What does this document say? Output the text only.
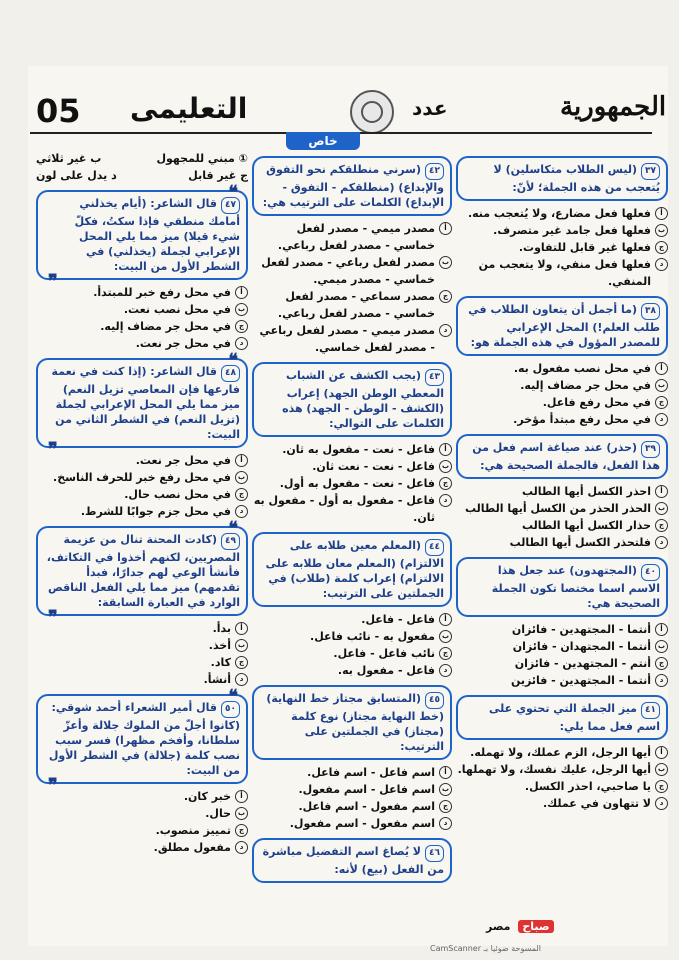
05 التعليمى	عدد	الجمهورية
خاص
٣٧(ليس الطلاب متكاسلين) لا يُتعجب من هذه الجملة؛ لأنّ:
أ
فعلها فعل مضارع، ولا يُتعجب منه.
ب
فعلها فعل جامد غير متصرف.
ج
فعلها غير قابل للتفاوت.
د
فعلها فعل منفي، ولا يتعجب من المنفي.
٣٨(ما أجمل أن يتعاون الطلاب في طلب العلم!) المحل الإعرابي للمصدر المؤول في هذه الجملة هو:
أ
في محل نصب مفعول به.
ب
في محل جر مضاف إليه.
ج
في محل رفع فاعل.
د
في محل رفع مبتدأ مؤخر.
٣٩(حذر) عند صياغة اسم فعل من هذا الفعل، فالجملة الصحيحة هي:
أ
احذر الكسل أيها الطالب
ب
الحذر الحذر من الكسل أيها الطالب
ج
حذار الكسل أيها الطالب
د
فلتحذر الكسل أيها الطالب
٤٠(المجتهدون) عند جعل هذا الاسم اسما مختصا تكون الجملة الصحيحة هي:
أ
أنتما - المجتهدين - فائزان
ب
أنتما - المجتهدان - فائزان
ج
أنتم - المجتهدين - فائزان
د
أنتما - المجتهدين - فائزين
٤١ميز الجملة التي تحتوي على اسم فعل مما يلي:
أ
أيها الرجل، الزم عملك، ولا تهمله.
ب
أيها الرجل، عليك نفسك، ولا تهملها.
ج
يا صاحبي، احذر الكسل.
د
لا تتهاون في عملك.
٤٢(سرني منطلقكم نحو التفوق والإبداع) (منطلقكم - التفوق - الإبداع) الكلمات على الترتيب هي:
أ
مصدر ميمي - مصدر لفعل خماسي - مصدر لفعل رباعي.
ب
مصدر لفعل رباعي - مصدر لفعل خماسي - مصدر ميمي.
ج
مصدر سماعي - مصدر لفعل خماسي - مصدر لفعل رباعي.
د
مصدر ميمي - مصدر لفعل رباعي - مصدر لفعل خماسي.
٤٣(يجب الكشف عن الشباب المعطي الوطن الجهد) إعراب (الكشف - الوطن - الجهد) هذه الكلمات على التوالي:
أ
فاعل - نعت - مفعول به ثان.
ب
فاعل - نعت - نعت ثان.
ج
فاعل - نعت - مفعول به أول.
د
فاعل - مفعول به أول - مفعول به ثان.
٤٤(المعلم معين طلابه على الالتزام) (المعلم معان طلابه على الالتزام) إعراب كلمة (طلاب) في الجملتين على الترتيب:
أ
فاعل - فاعل.
ب
مفعول به - نائب فاعل.
ج
نائب فاعل - فاعل.
د
فاعل - مفعول به.
٤٥(المتسابق مجتاز خط النهاية) (خط النهاية مجتاز) نوع كلمة (مجتاز) في الجملتين على الترتيب:
أ
اسم فاعل - اسم فاعل.
ب
اسم فاعل - اسم مفعول.
ج
اسم مفعول - اسم فاعل.
د
اسم مفعول - اسم مفعول.
٤٦لا يُصاغ اسم التفضيل مباشرة من الفعل (بيع) لأنه:
① مبني للمجهول
ب غير ثلاثي
ج غير قابل
د يدل على لون
٤٧قال الشاعر: (أيام يخذلني أمامك منطقي فإذا سكتُ، فكلّ شيء قيلا) ميز مما يلي المحل الإعرابي لجملة (يخذلني) في الشطر الأول من البيت:
❝
❞	أ
في محل رفع خبر للمبتدأ.
ب
في محل نصب نعت.
ج
في محل جر مضاف إليه.
د
في محل جر نعت.
٤٨قال الشاعر: (إذا كنت في نعمة فارعها فإن المعاصي تزيل النعم) ميز مما يلي المحل الإعرابي لجملة (تزيل النعم) في الشطر الثاني من البيت:
❝
❞	أ
في محل جر نعت.
ب
في محل رفع خبر للحرف الناسخ.
ج
في محل نصب حال.
د
في محل جزم جوابًا للشرط.
٤٩(كادت المحنة تنال من عزيمة المصريين، لكنهم أخذوا في التكاتف، فأنشأ الوعي لهم جدارًا، فبدأ تقدمهم) ميز مما يلي الفعل الناقص الوارد في العبارة السابقة:
❝
❞	أ
بدأ.
ب
أخذ.
ج
كاد.
د
أنشأ.
٥٠قال أمير الشعراء أحمد شوقي: (كانوا أجلّ من الملوك جلالة وأعزّ سلطانا، وأفخم مظهرا) فسر سبب نصب كلمة (جلالة) في الشطر الأول من البيت:
❝
❞	أ
خبر كان.
ب
حال.
ج
تمييز منصوب.
د
مفعول مطلق.
صباح مصر
المسوحة ضوئيا بـ CamScanner
